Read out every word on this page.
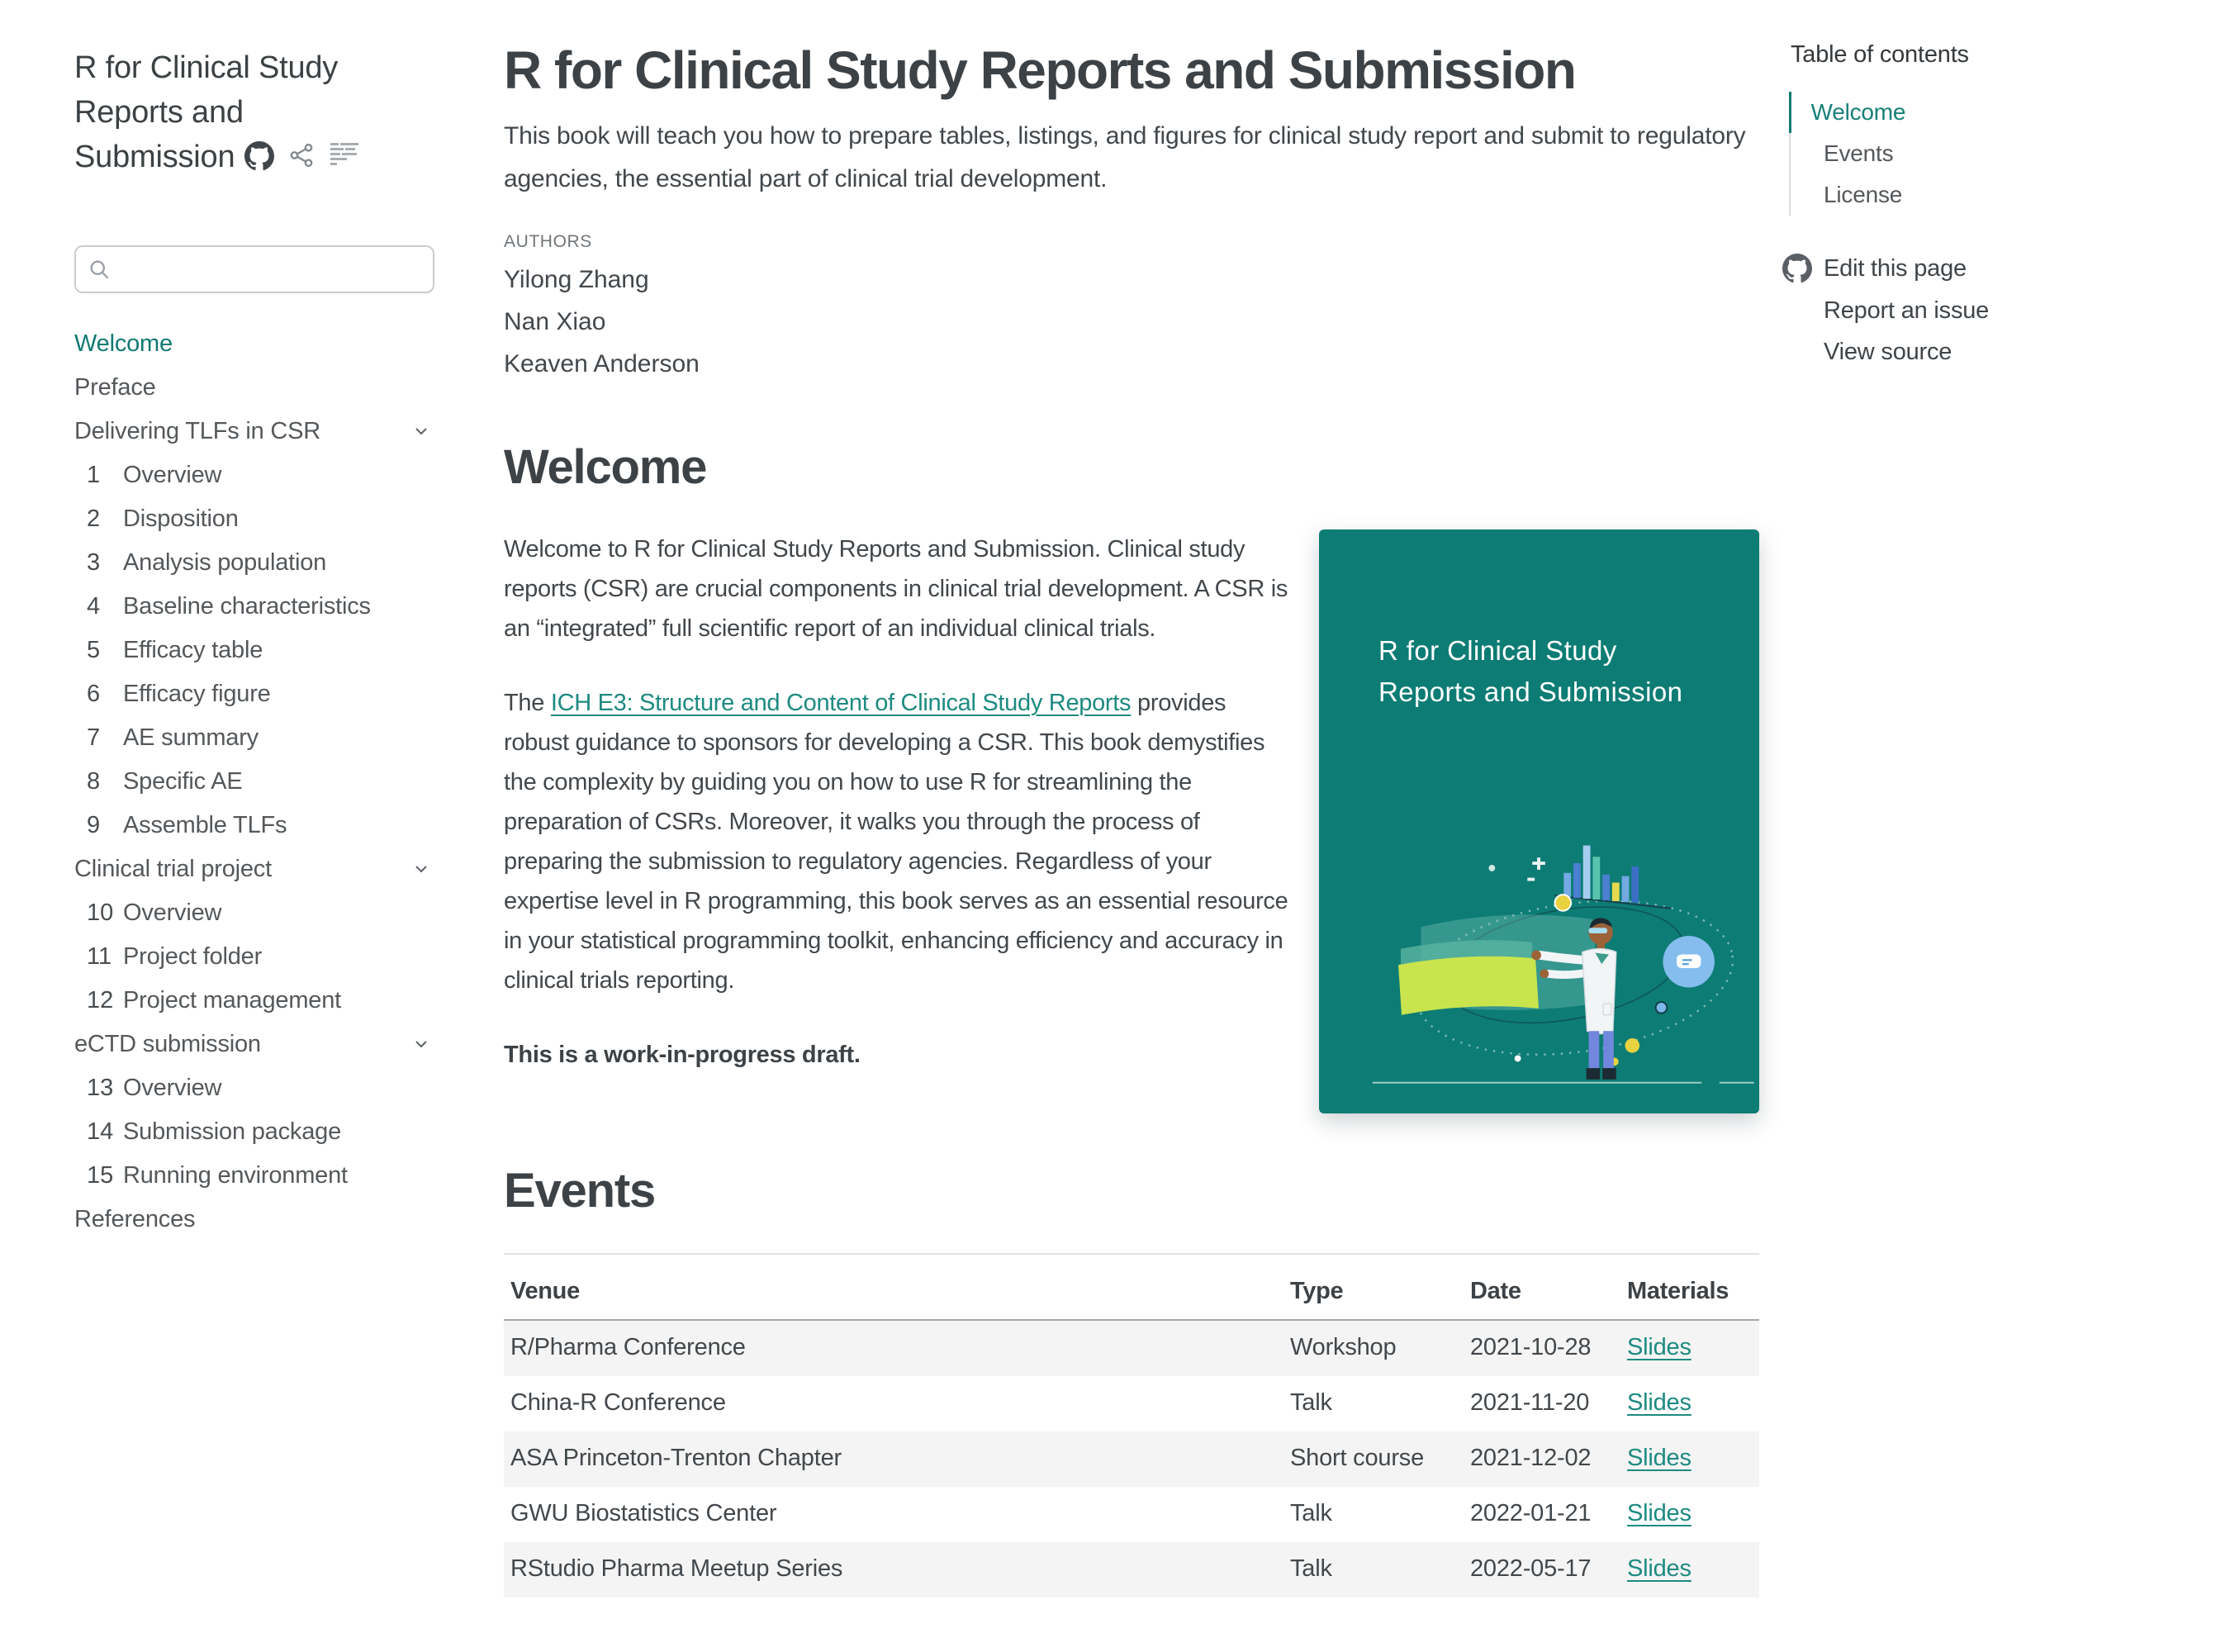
R for Clinical Study
Reports and
Submission
Welcome
Preface
Delivering TLFs in CSR
1 Overview
2 Disposition
3 Analysis population
4 Baseline characteristics
5 Efficacy table
6 Efficacy figure
7 AE summary
8 Specific AE
9 Assemble TLFs
Clinical trial project
10 Overview
11 Project folder
12 Project management
eCTD submission
13 Overview
14 Submission package
15 Running environment
References
R for Clinical Study Reports and Submission
This book will teach you how to prepare tables, listings, and figures for clinical study report and submit to regulatory agencies, the essential part of clinical trial development.
AUTHORS
Yilong Zhang
Nan Xiao
Keaven Anderson
Welcome

Welcome to R for Clinical Study Reports and Submission. Clinical study reports (CSR) are crucial components in clinical trial development. A CSR is an “integrated” full scientific report of an individual clinical trials.

The ICH E3: Structure and Content of Clinical Study Reports provides robust guidance to sponsors for developing a CSR. This book demystifies the complexity by guiding you on how to use R for streamlining the preparation of CSRs. Moreover, it walks you through the process of preparing the submission to regulatory agencies. Regardless of your expertise level in R programming, this book serves as an essential resource in your statistical programming toolkit, enhancing efficiency and accuracy in clinical trials reporting.

This is a work-in-progress draft.

R for Clinical Study
Reports and Submission
Events
Venue	Type	Date	Materials
R/Pharma Conference	Workshop	2021-10-28	Slides
China-R Conference	Talk	2021-11-20	Slides
ASA Princeton-Trenton Chapter	Short course	2021-12-02	Slides
GWU Biostatistics Center	Talk	2022-01-21	Slides
RStudio Pharma Meetup Series	Talk	2022-05-17	Slides
Table of contents
Welcome
Events
License
Edit this page
Report an issue
View source
